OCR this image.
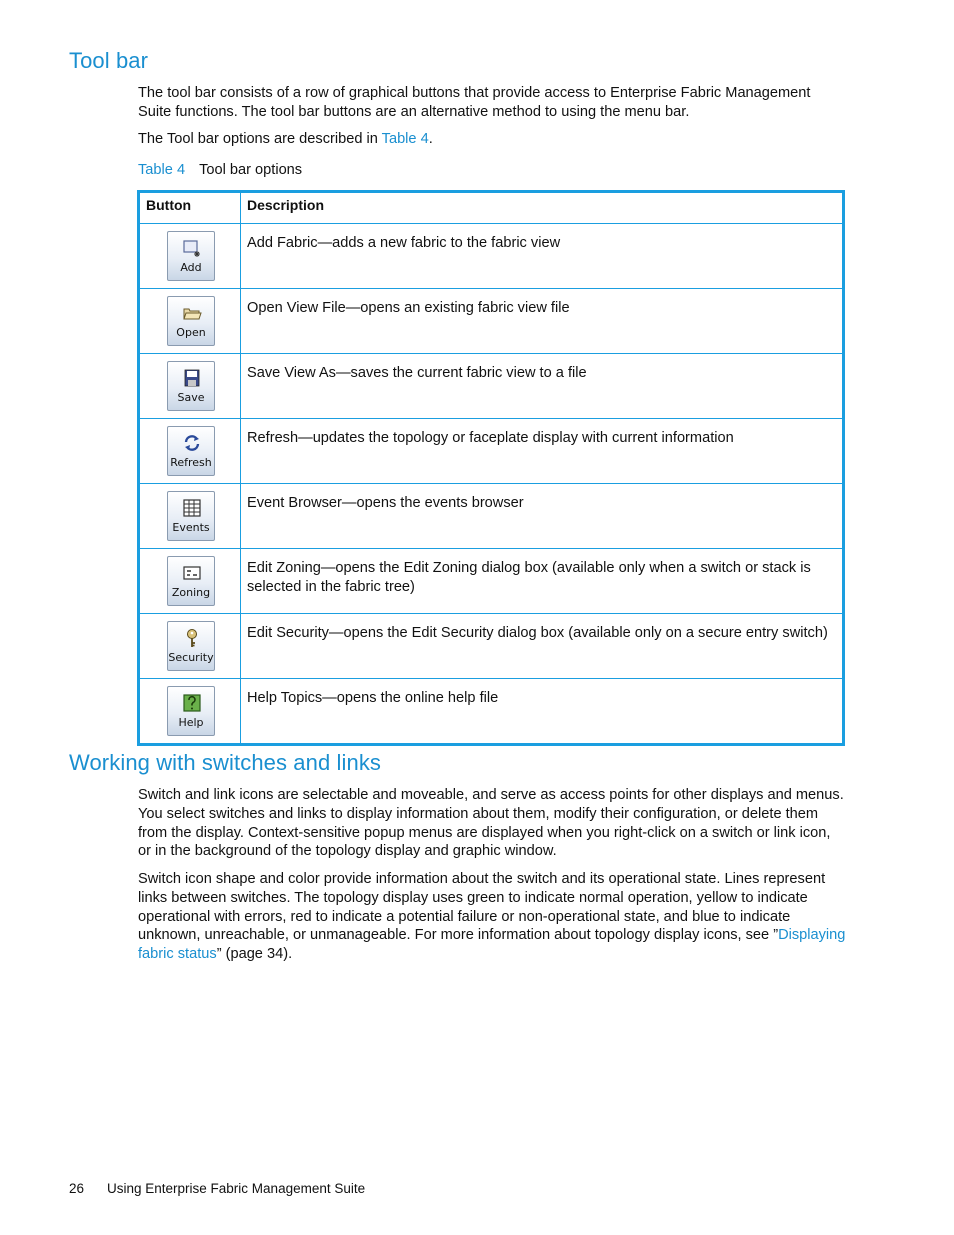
Tool bar

The tool bar consists of a row of graphical buttons that provide access to Enterprise Fabric Management Suite functions. The tool bar buttons are an alternative method to using the menu bar.

The Tool bar options are described in Table 4.

Table 4 Tool bar options
Button	Description

Add	Add Fabric—adds a new fabric to the fabric view

Open	Open View File—opens an existing fabric view file

Save	Save View As—saves the current fabric view to a file

Refresh	Refresh—updates the topology or faceplate display with current information

Events	Event Browser—opens the events browser

Zoning	Edit Zoning—opens the Edit Zoning dialog box (available only when a switch or stack is selected in the fabric tree)

Security	Edit Security—opens the Edit Security dialog box (available only on a secure entry switch)

Help	Help Topics—opens the online help file
Working with switches and links

Switch and link icons are selectable and moveable, and serve as access points for other displays and menus. You select switches and links to display information about them, modify their configuration, or delete them from the display. Context-sensitive popup menus are displayed when you right-click on a switch or link icon, or in the background of the topology display and graphic window.

Switch icon shape and color provide information about the switch and its operational state. Lines represent links between switches. The topology display uses green to indicate normal operation, yellow to indicate operational with errors, red to indicate a potential failure or non-operational state, and blue to indicate unknown, unreachable, or unmanageable. For more information about topology display icons, see ”Displaying fabric status” (page 34).

26 Using Enterprise Fabric Management Suite
